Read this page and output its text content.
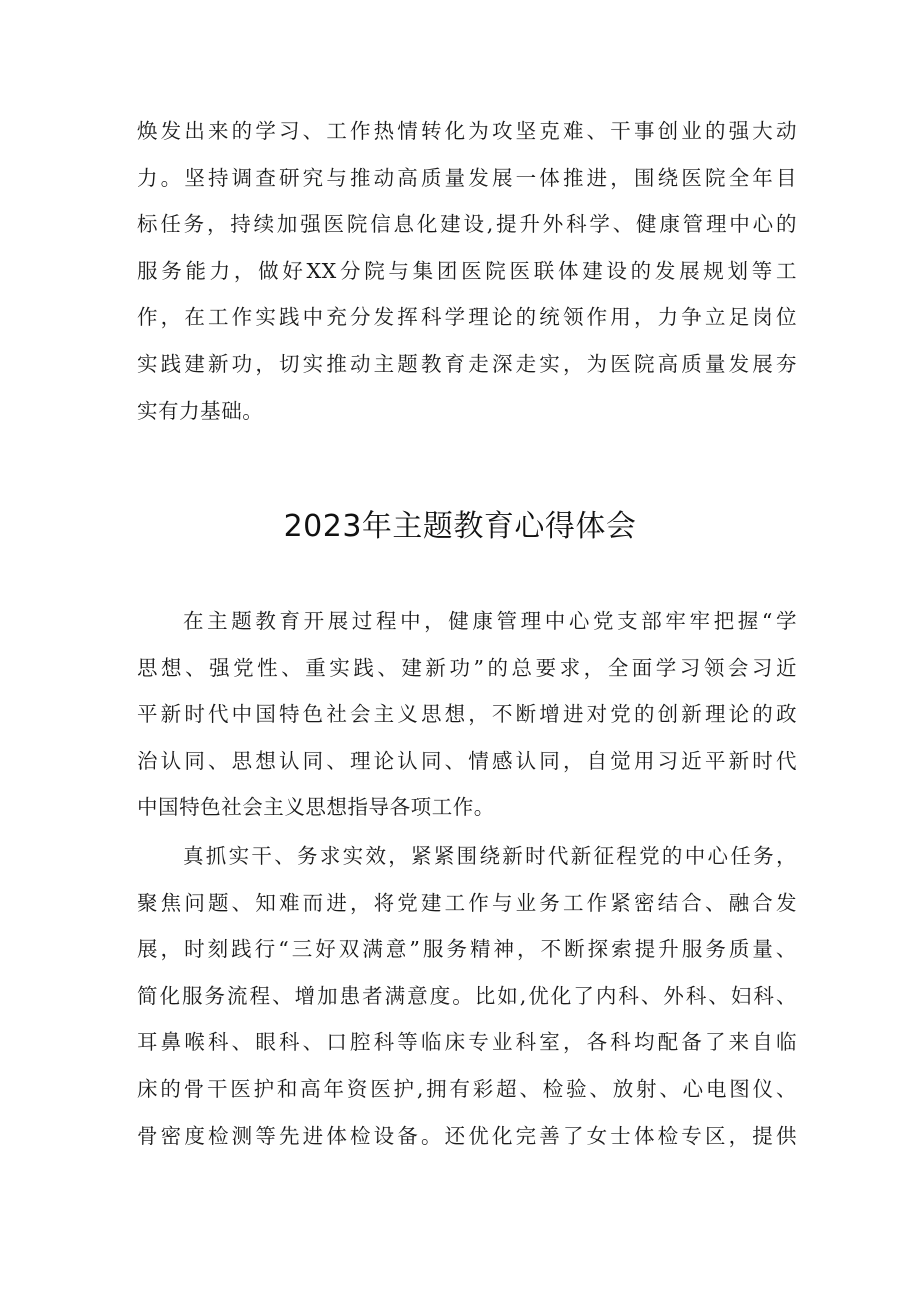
焕发出来的学习、工作热情转化为攻坚克难、干事创业的强大动
力。坚持调查研究与推动高质量发展一体推进，围绕医院全年目
标任务，持续加强医院信息化建设,提升外科学、健康管理中心的
服务能力，做好XX分院与集团医院医联体建设的发展规划等工
作，在工作实践中充分发挥科学理论的统领作用，力争立足岗位
实践建新功，切实推动主题教育走深走实，为医院高质量发展夯
实有力基础。
2023年主题教育心得体会
在主题教育开展过程中，健康管理中心党支部牢牢把握“学
思想、强党性、重实践、建新功”的总要求，全面学习领会习近
平新时代中国特色社会主义思想，不断增进对党的创新理论的政
治认同、思想认同、理论认同、情感认同，自觉用习近平新时代
中国特色社会主义思想指导各项工作。
真抓实干、务求实效，紧紧围绕新时代新征程党的中心任务，
聚焦问题、知难而进，将党建工作与业务工作紧密结合、融合发
展，时刻践行“三好双满意”服务精神，不断探索提升服务质量、
简化服务流程、增加患者满意度。比如,优化了内科、外科、妇科、
耳鼻喉科、眼科、口腔科等临床专业科室，各科均配备了来自临
床的骨干医护和高年资医护,拥有彩超、检验、放射、心电图仪、
骨密度检测等先进体检设备。还优化完善了女士体检专区，提供
